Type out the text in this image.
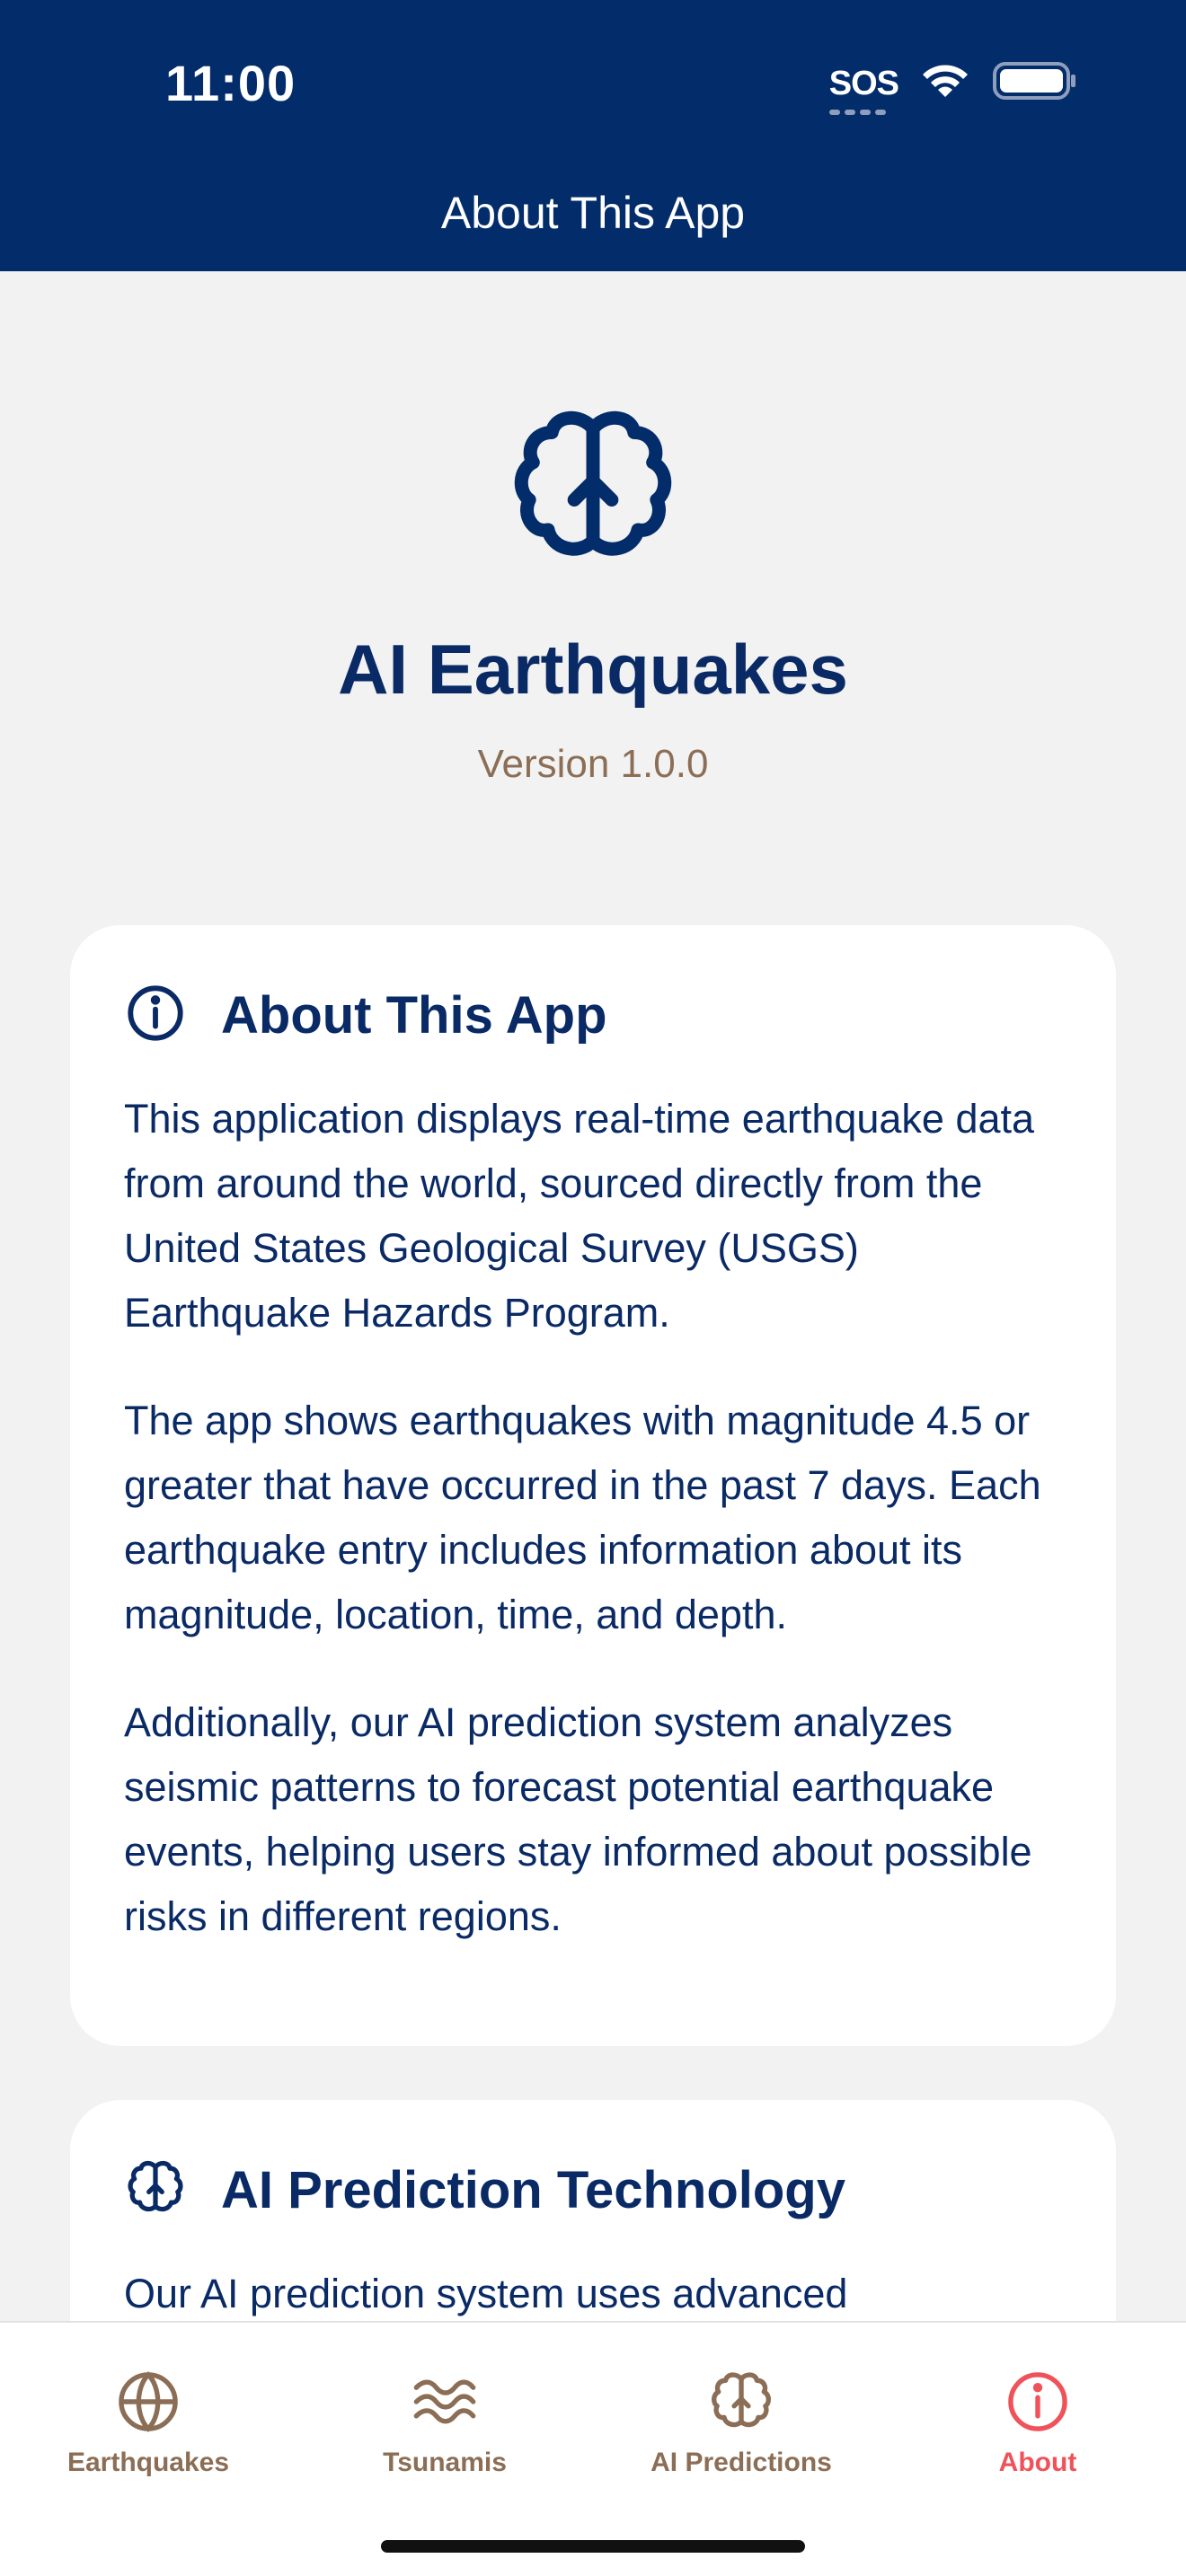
11:00	SOS
About This App
AI Earthquakes
Version 1.0.0
About This App

This application displays real-time earthquake data from around the world, sourced directly from the United States Geological Survey (USGS) Earthquake Hazards Program.

The app shows earthquakes with magnitude 4.5 or greater that have occurred in the past 7 days. Each earthquake entry includes information about its magnitude, location, time, and depth.

Additionally, our AI prediction system analyzes seismic patterns to forecast potential earthquake events, helping users stay informed about possible risks in different regions.

AI Prediction Technology

Our AI prediction system uses advanced

Earthquakes	Tsunamis	AI Predictions	About
